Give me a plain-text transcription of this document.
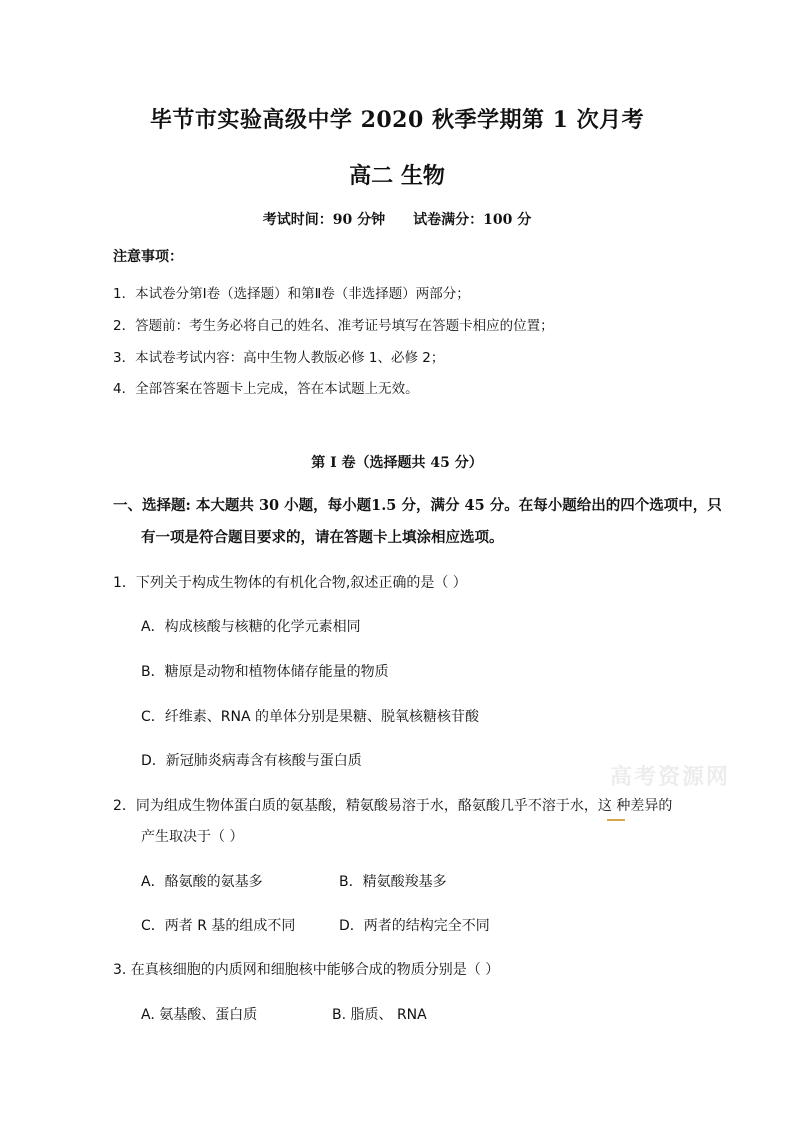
毕节市实验高级中学 2020 秋季学期第 1 次月考
高二 生物
考试时间：90 分钟 试卷满分：100 分
注意事项：
1．本试卷分第Ⅰ卷（选择题）和第Ⅱ卷（非选择题）两部分；
2．答题前：考生务必将自己的姓名、准考证号填写在答题卡相应的位置；
3．本试卷考试内容：高中生物人教版必修 1、必修 2；
4．全部答案在答题卡上完成，答在本试题上无效。
第 Ⅰ 卷（选择题共 45 分）
一、选择题: 本大题共 30 小题，每小题1.5 分，满分 45 分。在每小题给出的四个选项中，只
有一项是符合题目要求的，请在答题卡上填涂相应选项。
1．下列关于构成生物体的有机化合物,叙述正确的是（ ）
A．构成核酸与核糖的化学元素相同
B．糖原是动物和植物体储存能量的物质
C．纤维素、RNA 的单体分别是果糖、脱氧核糖核苷酸
D．新冠肺炎病毒含有核酸与蛋白质
2．同为组成生物体蛋白质的氨基酸，精氨酸易溶于水，酪氨酸几乎不溶于水，这 种差异的
产生取决于（ ）
A．酪氨酸的氨基多	B．精氨酸羧基多
C．两者 R 基的组成不同	D．两者的结构完全不同
3. 在真核细胞的内质网和细胞核中能够合成的物质分别是（ ）
A. 氨基酸、蛋白质	B. 脂质、 RNA
高考资源网
